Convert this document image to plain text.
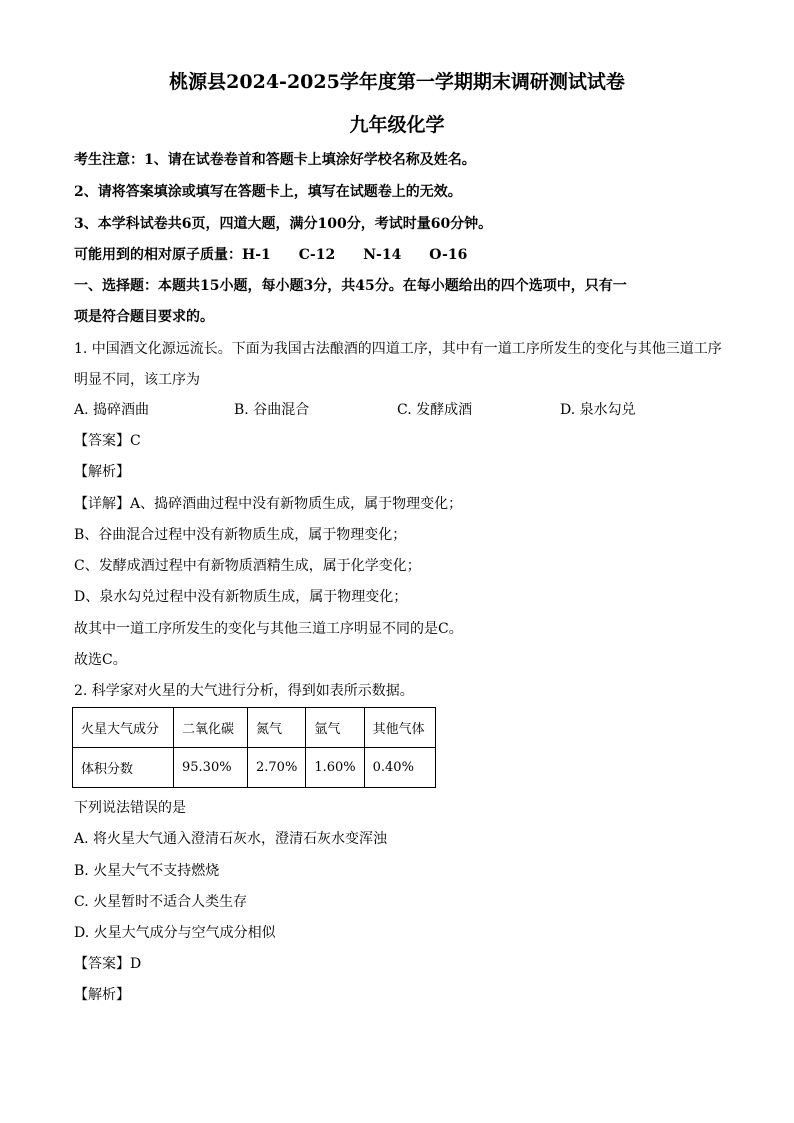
桃源县2024-2025学年度第一学期期末调研测试试卷
九年级化学
考生注意：1、请在试卷卷首和答题卡上填涂好学校名称及姓名。
2、请将答案填涂或填写在答题卡上，填写在试题卷上的无效。
3、本学科试卷共6页，四道大题，满分100分，考试时量60分钟。
可能用到的相对原子质量：H-1　　C-12　　N-14　　O-16
一、选择题：本题共15小题，每小题3分，共45分。在每小题给出的四个选项中，只有一
项是符合题目要求的。
1. 中国酒文化源远流长。下面为我国古法酿酒的四道工序，其中有一道工序所发生的变化与其他三道工序
明显不同，该工序为
A. 捣碎酒曲	B. 谷曲混合	C. 发酵成酒	D. 泉水勾兑
【答案】C
【解析】
【详解】A、捣碎酒曲过程中没有新物质生成，属于物理变化；
B、谷曲混合过程中没有新物质生成，属于物理变化；
C、发酵成酒过程中有新物质酒精生成，属于化学变化；
D、泉水勾兑过程中没有新物质生成，属于物理变化；
故其中一道工序所发生的变化与其他三道工序明显不同的是C。
故选C。
2. 科学家对火星的大气进行分析，得到如表所示数据。
火星大气成分	二氧化碳	氮气	氩气	其他气体
体积分数	95.30%	2.70%	1.60%	0.40%
下列说法错误的是
A. 将火星大气通入澄清石灰水，澄清石灰水变浑浊
B. 火星大气不支持燃烧
C. 火星暂时不适合人类生存
D. 火星大气成分与空气成分相似
【答案】D
【解析】
